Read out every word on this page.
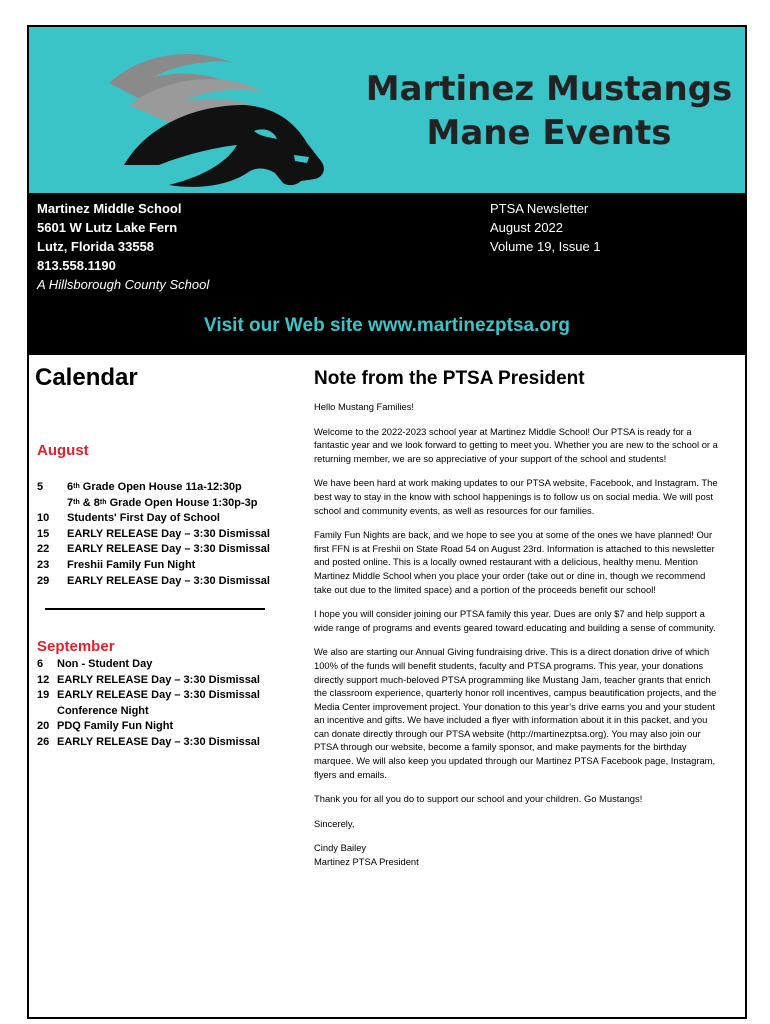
Martinez Mustangs
Mane Events
Martinez Middle School
5601 W Lutz Lake Fern
Lutz, Florida 33558
813.558.1190
A Hillsborough County School
PTSA Newsletter
August 2022
Volume 19, Issue 1
Visit our Web site www.martinezptsa.org
Calendar
August
5	6th Grade Open House 11a-12:30p
7th & 8th Grade Open House 1:30p-3p
10	Students' First Day of School
15	EARLY RELEASE Day – 3:30 Dismissal
22	EARLY RELEASE Day – 3:30 Dismissal
23	Freshii Family Fun Night
29	EARLY RELEASE Day – 3:30 Dismissal
September
6	Non - Student Day
12 EARLY RELEASE Day – 3:30 Dismissal
19 EARLY RELEASE Day – 3:30 Dismissal
Conference Night
20 PDQ Family Fun Night
26 EARLY RELEASE Day – 3:30 Dismissal
Note from the PTSA President

Hello Mustang Families!

Welcome to the 2022-2023 school year at Martinez Middle School! Our PTSA is ready for a fantastic year and we look forward to getting to meet you. Whether you are new to the school or a returning member, we are so appreciative of your support of the school and students!

We have been hard at work making updates to our PTSA website, Facebook, and Instagram. The best way to stay in the know with school happenings is to follow us on social media. We will post school and community events, as well as resources for our families.

Family Fun Nights are back, and we hope to see you at some of the ones we have planned! Our first FFN is at Freshii on State Road 54 on August 23rd. Information is attached to this newsletter and posted online. This is a locally owned restaurant with a delicious, healthy menu. Mention Martinez Middle School when you place your order (take out or dine in, though we recommend take out due to the limited space) and a portion of the proceeds benefit our school!

I hope you will consider joining our PTSA family this year. Dues are only $7 and help support a wide range of programs and events geared toward educating and building a sense of community.

We also are starting our Annual Giving fundraising drive. This is a direct donation drive of which 100% of the funds will benefit students, faculty and PTSA programs. This year, your donations directly support much-beloved PTSA programming like Mustang Jam, teacher grants that enrich the classroom experience, quarterly honor roll incentives, campus beautification projects, and the Media Center improvement project. Your donation to this year’s drive earns you and your student an incentive and gifts. We have included a flyer with information about it in this packet, and you can donate directly through our PTSA website (http://martinezptsa.org). You may also join our PTSA through our website, become a family sponsor, and make payments for the birthday marquee. We will also keep you updated through our Martinez PTSA Facebook page, Instagram, flyers and emails.

Thank you for all you do to support our school and your children. Go Mustangs!

Sincerely,

Cindy Bailey
Martinez PTSA President
